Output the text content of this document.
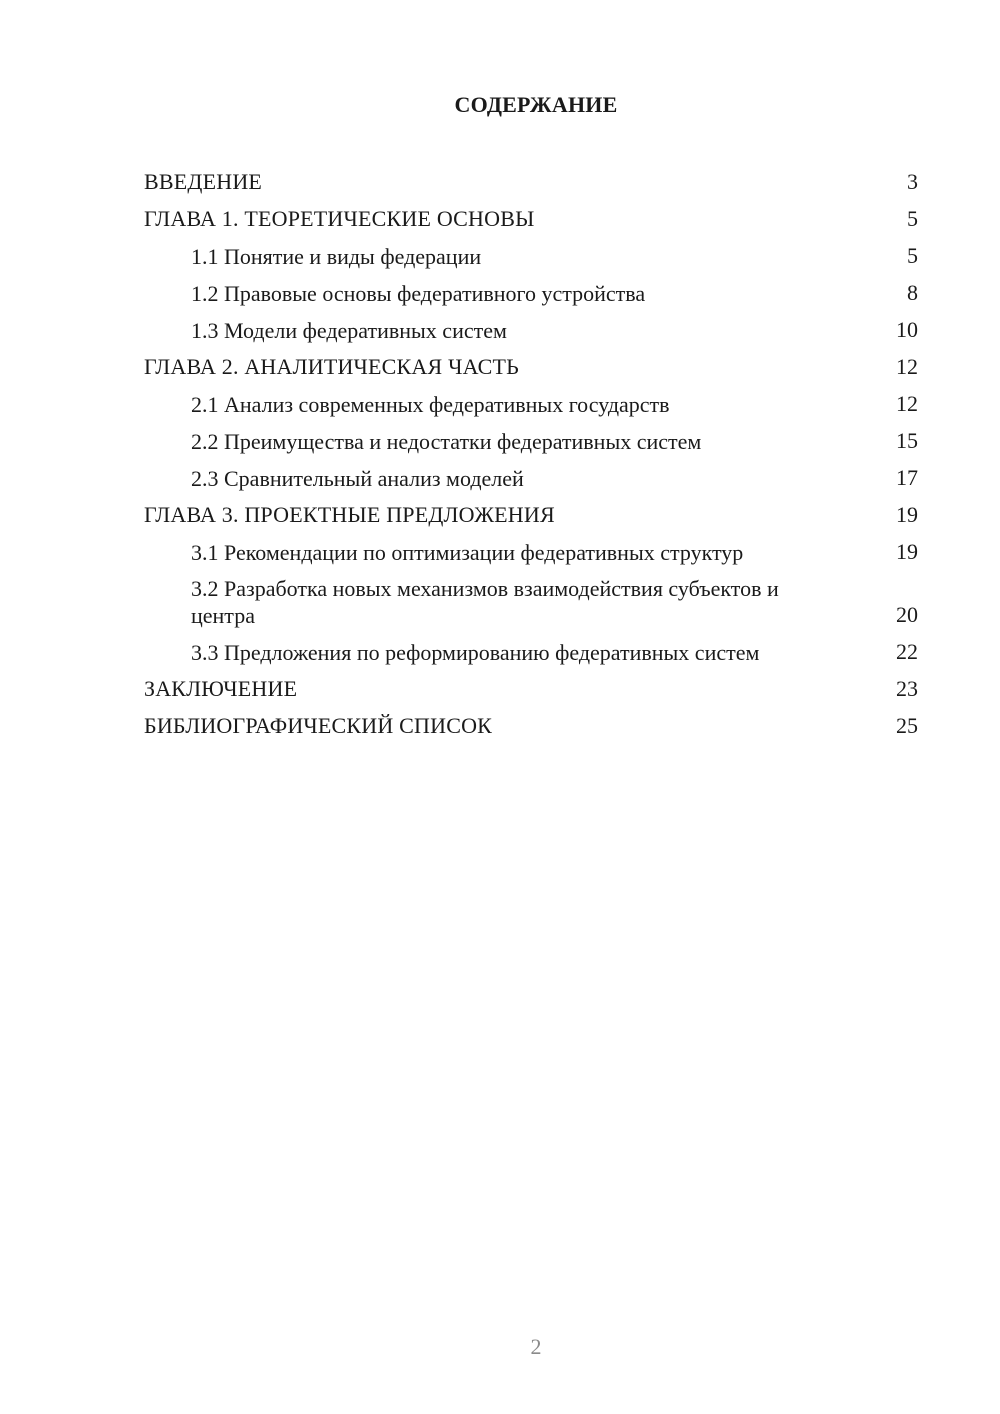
СОДЕРЖАНИЕ
ВВЕДЕНИЕ	3
ГЛАВА 1. ТЕОРЕТИЧЕСКИЕ ОСНОВЫ	5
1.1 Понятие и виды федерации	5
1.2 Правовые основы федеративного устройства	8
1.3 Модели федеративных систем	10
ГЛАВА 2. АНАЛИТИЧЕСКАЯ ЧАСТЬ	12
2.1 Анализ современных федеративных государств	12
2.2 Преимущества и недостатки федеративных систем	15
2.3 Сравнительный анализ моделей	17
ГЛАВА 3. ПРОЕКТНЫЕ ПРЕДЛОЖЕНИЯ	19
3.1 Рекомендации по оптимизации федеративных структур	19
3.2 Разработка новых механизмов взаимодействия субъектов и центра	20
3.3 Предложения по реформированию федеративных систем	22
ЗАКЛЮЧЕНИЕ	23
БИБЛИОГРАФИЧЕСКИЙ СПИСОК	25
2
